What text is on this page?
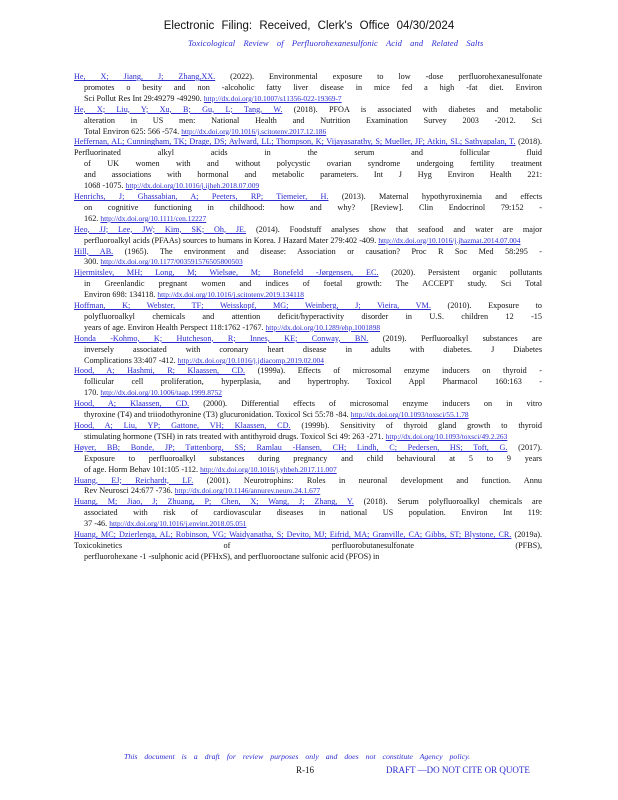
Electronic Filing: Received, Clerk's Office 04/30/2024
Toxicological Review of Perfluorohexanesulfonic Acid and Related Salts
He, X; Jiang, J; Zhang,XX. (2022). Environmental exposure to low -dose perfluorohexanesulfonate
promotes o besity and non -alcoholic fatty liver disease in mice fed a high -fat diet. Environ
Sci Pollut Res Int 29:49279 -49290. http://dx.doi.org/10.1007/s11356-022-19369-7
He, X; Liu, Y; Xu, B; Gu, L; Tang, W. (2018). PFOA is associated with diabetes and metabolic
alteration in US men: National Health and Nutrition Examination Survey 2003 -2012. Sci
Total Environ 625: 566 -574. http://dx.doi.org/10.1016/j.scitotenv.2017.12.186
Heffernan, AL; Cunningham, TK; Drage, DS; Aylward, LL; Thompson, K; Vijayasarathy, S; Mueller, JF; Atkin, SL; Sathyapalan, T. (2018). Perfluorinated alkyl acids in the serum and follicular fluid
of UK women with and without polycystic ovarian syndrome undergoing fertility treatment
and associations with hormonal and metabolic parameters. Int J Hyg Environ Health 221:
1068 -1075. http://dx.doi.org/10.1016/j.ijheh.2018.07.009
Henrichs, J; Ghassabian, A; Peeters, RP; Tiemeier, H. (2013). Maternal hypothyroxinemia and effects
on cognitive functioning in childhood: how and why? [Review]. Clin Endocrinol 79:152 -
162. http://dx.doi.org/10.1111/cen.12227
Heo, JJ; Lee, JW; Kim, SK; Oh, JE. (2014). Foodstuff analyses show that seafood and water are major
perfluoroalkyl acids (PFAAs) sources to humans in Korea. J Hazard Mater 279:402 -409. http://dx.doi.org/10.1016/j.jhazmat.2014.07.004
Hill, AB. (1965). The environment and disease: Association or causation? Proc R Soc Med 58:295 -
300. http://dx.doi.org/10.1177/003591576505800503
Hjermitslev, MH; Long, M; Wielsøe, M; Bonefeld -Jørgensen, EC. (2020). Persistent organic pollutants
in Greenlandic pregnant women and indices of foetal growth: The ACCEPT study. Sci Total
Environ 698: 134118. http://dx.doi.org/10.1016/j.scitotenv.2019.134118
Hoffman, K; Webster, TF; Weisskopf, MG; Weinberg, J; Vieira, VM. (2010). Exposure to
polyfluoroalkyl chemicals and attention deficit/hyperactivity disorder in U.S. children 12 -15
years of age. Environ Health Perspect 118:1762 -1767. http://dx.doi.org/10.1289/ehp.1001898
Honda -Kohmo, K; Hutcheson, R; Innes, KE; Conway, BN. (2019). Perfluoroalkyl substances are
inversely associated with coronary heart disease in adults with diabetes. J Diabetes
Complications 33:407 -412. http://dx.doi.org/10.1016/j.jdiacomp.2019.02.004
Hood, A; Hashmi, R; Klaassen, CD. (1999a). Effects of microsomal enzyme inducers on thyroid -
follicular cell proliferation, hyperplasia, and hypertrophy. Toxicol Appl Pharmacol 160:163 -
170. http://dx.doi.org/10.1006/taap.1999.8752
Hood, A; Klaassen, CD. (2000). Differential effects of microsomal enzyme inducers on in vitro
thyroxine (T4) and triiodothyronine (T3) glucuronidation. Toxicol Sci 55:78 -84. http://dx.doi.org/10.1093/toxsci/55.1.78
Hood, A; Liu, YP; Gattone, VH; Klaassen, CD. (1999b). Sensitivity of thyroid gland growth to thyroid
stimulating hormone (TSH) in rats treated with antithyroid drugs. Toxicol Sci 49: 263 -271. http://dx.doi.org/10.1093/toxsci/49.2.263
Høyer, BB; Bonde, JP; Tøttenborg, SS; Ramlau -Hansen, CH; Lindh, C; Pedersen, HS; Toft, G. (2017).
Exposure to perfluoroalkyl substances during pregnancy and child behavioural at 5 to 9 years
of age. Horm Behav 101:105 -112. http://dx.doi.org/10.1016/j.yhbeh.2017.11.007
Huang, EJ; Reichardt, LF. (2001). Neurotrophins: Roles in neuronal development and function. Annu
Rev Neurosci 24:677 -736. http://dx.doi.org/10.1146/annurev.neuro.24.1.677
Huang, M; Jiao, J; Zhuang, P; Chen, X; Wang, J; Zhang, Y. (2018). Serum polyfluoroalkyl chemicals are
associated with risk of cardiovascular diseases in national US population. Environ Int 119:
37 -46. http://dx.doi.org/10.1016/j.envint.2018.05.051
Huang, MC; Dzierlenga, AL; Robinson, VG; Waidyanatha, S; Devito, MJ; Eifrid, MA; Granville, CA; Gibbs, ST; Blystone, CR. (2019a). Toxicokinetics of perfluorobutanesulfonate (PFBS),
perfluorohexane -1 -sulphonic acid (PFHxS), and perfluorooctane sulfonic acid (PFOS) in
This document is a draft for review purposes only and does not constitute Agency policy.
R-16	DRAFT —DO NOT CITE OR QUOTE
